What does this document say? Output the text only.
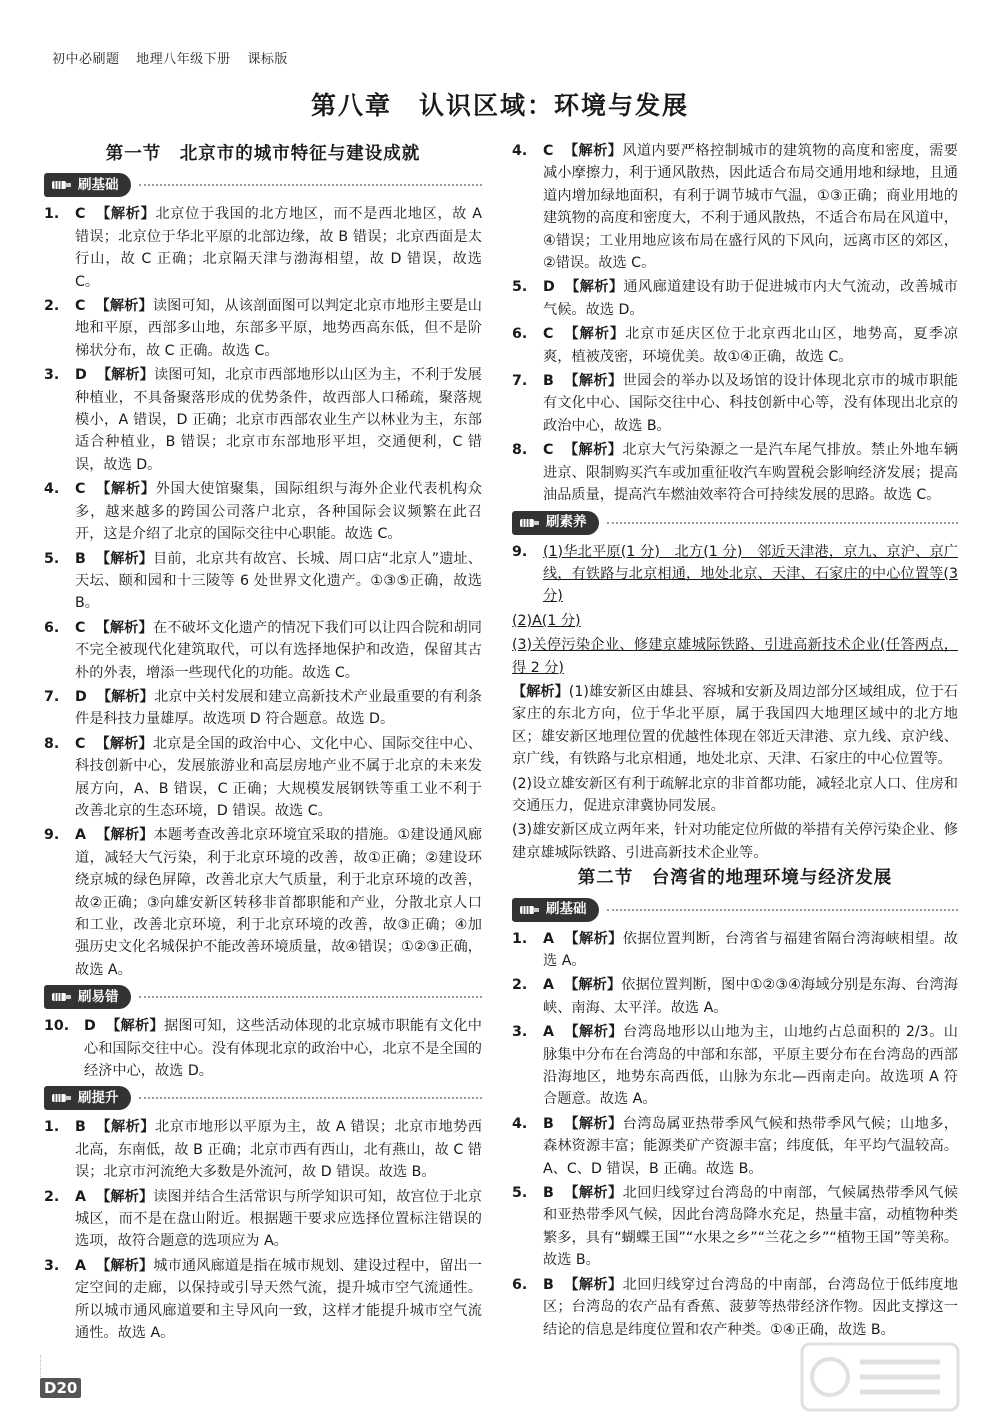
初中必刷题 地理八年级下册 课标版
第八章　认识区域：环境与发展
第一节　北京市的城市特征与建设成就
刷基础
1.	C 【解析】北京位于我国的北方地区，而不是西北地区，故 A 错误；北京位于华北平原的北部边缘，故 B 错误；北京西面是太行山，故 C 正确；北京隔天津与渤海相望，故 D 错误，故选 C。
2.	C 【解析】读图可知，从该剖面图可以判定北京市地形主要是山地和平原，西部多山地，东部多平原，地势西高东低，但不是阶梯状分布，故 C 正确。故选 C。
3.	D 【解析】读图可知，北京市西部地形以山区为主，不利于发展种植业，不具备聚落形成的优势条件，故西部人口稀疏，聚落规模小，A 错误，D 正确；北京市西部农业生产以林业为主，东部适合种植业，B 错误；北京市东部地形平坦，交通便利，C 错误，故选 D。
4.	C 【解析】外国大使馆聚集，国际组织与海外企业代表机构众多，越来越多的跨国公司落户北京，各种国际会议频繁在此召开，这是介绍了北京的国际交往中心职能。故选 C。
5.	B 【解析】目前，北京共有故宫、长城、周口店“北京人”遗址、天坛、颐和园和十三陵等 6 处世界文化遗产。①③⑤正确，故选 B。
6.	C 【解析】在不破坏文化遗产的情况下我们可以让四合院和胡同不完全被现代化建筑取代，可以有选择地保护和改造，保留其古朴的外表，增添一些现代化的功能。故选 C。
7.	D 【解析】北京中关村发展和建立高新技术产业最重要的有利条件是科技力量雄厚。故选项 D 符合题意。故选 D。
8.	C 【解析】北京是全国的政治中心、文化中心、国际交往中心、科技创新中心，发展旅游业和高层房地产业不属于北京的未来发展方向，A、B 错误，C 正确；大规模发展钢铁等重工业不利于改善北京的生态环境，D 错误。故选 C。
9.	A 【解析】本题考查改善北京环境宜采取的措施。①建设通风廊道，减轻大气污染，利于北京环境的改善，故①正确；②建设环绕京城的绿色屏障，改善北京大气质量，利于北京环境的改善，故②正确；③向雄安新区转移非首都职能和产业，分散北京人口和工业，改善北京环境，利于北京环境的改善，故③正确；④加强历史文化名城保护不能改善环境质量，故④错误；①②③正确，故选 A。
刷易错
10.	D 【解析】据图可知，这些活动体现的北京城市职能有文化中心和国际交往中心。没有体现北京的政治中心，北京不是全国的经济中心，故选 D。
刷提升
1.	B 【解析】北京市地形以平原为主，故 A 错误；北京市地势西北高，东南低，故 B 正确；北京市西有西山，北有燕山，故 C 错误；北京市河流绝大多数是外流河，故 D 错误。故选 B。
2.	A 【解析】读图并结合生活常识与所学知识可知，故宫位于北京城区，而不是在盘山附近。根据题干要求应选择位置标注错误的选项，故符合题意的选项应为 A。
3.	A 【解析】城市通风廊道是指在城市规划、建设过程中，留出一定空间的走廊，以保持或引导天然气流，提升城市空气流通性。所以城市通风廊道要和主导风向一致，这样才能提升城市空气流通性。故选 A。
4.	C 【解析】风道内要严格控制城市的建筑物的高度和密度，需要减小摩擦力，利于通风散热，因此适合布局交通用地和绿地，且通道内增加绿地面积，有利于调节城市气温，①③正确；商业用地的建筑物的高度和密度大，不利于通风散热，不适合布局在风道中，④错误；工业用地应该布局在盛行风的下风向，远离市区的郊区，②错误。故选 C。
5.	D 【解析】通风廊道建设有助于促进城市内大气流动，改善城市气候。故选 D。
6.	C 【解析】北京市延庆区位于北京西北山区，地势高，夏季凉爽，植被茂密，环境优美。故①④正确，故选 C。
7.	B 【解析】世园会的举办以及场馆的设计体现北京市的城市职能有文化中心、国际交往中心、科技创新中心等，没有体现出北京的政治中心，故选 B。
8.	C 【解析】北京大气污染源之一是汽车尾气排放。禁止外地车辆进京、限制购买汽车或加重征收汽车购置税会影响经济发展；提高油品质量，提高汽车燃油效率符合可持续发展的思路。故选 C。
刷素养
9.	(1)华北平原(1 分)　北方(1 分)　邻近天津港，京九、京沪、京广线，有铁路与北京相通，地处北京、天津、石家庄的中心位置等(3 分)
(2)A(1 分)
(3)关停污染企业、修建京雄城际铁路、引进高新技术企业(任答两点，得 2 分)
【解析】(1)雄安新区由雄县、容城和安新及周边部分区域组成，位于石家庄的东北方向，位于华北平原，属于我国四大地理区域中的北方地区；雄安新区地理位置的优越性体现在邻近天津港、京九线、京沪线、京广线，有铁路与北京相通，地处北京、天津、石家庄的中心位置等。
(2)设立雄安新区有利于疏解北京的非首都功能，减轻北京人口、住房和交通压力，促进京津冀协同发展。
(3)雄安新区成立两年来，针对功能定位所做的举措有关停污染企业、修建京雄城际铁路、引进高新技术企业等。
第二节　台湾省的地理环境与经济发展
刷基础
1.	A 【解析】依据位置判断，台湾省与福建省隔台湾海峡相望。故选 A。
2.	A 【解析】依据位置判断，图中①②③④海域分别是东海、台湾海峡、南海、太平洋。故选 A。
3.	A 【解析】台湾岛地形以山地为主，山地约占总面积的 2/3。山脉集中分布在台湾岛的中部和东部，平原主要分布在台湾岛的西部沿海地区，地势东高西低，山脉为东北—西南走向。故选项 A 符合题意。故选 A。
4.	B 【解析】台湾岛属亚热带季风气候和热带季风气候；山地多，森林资源丰富；能源类矿产资源丰富；纬度低，年平均气温较高。A、C、D 错误，B 正确。故选 B。
5.	B 【解析】北回归线穿过台湾岛的中南部，气候属热带季风气候和亚热带季风气候，因此台湾岛降水充足，热量丰富，动植物种类繁多，具有“蝴蝶王国”“水果之乡”“兰花之乡”“植物王国”等美称。故选 B。
6.	B 【解析】北回归线穿过台湾岛的中南部，台湾岛位于低纬度地区；台湾岛的农产品有香蕉、菠萝等热带经济作物。因此支撑这一结论的信息是纬度位置和农产种类。①④正确，故选 B。
D20
